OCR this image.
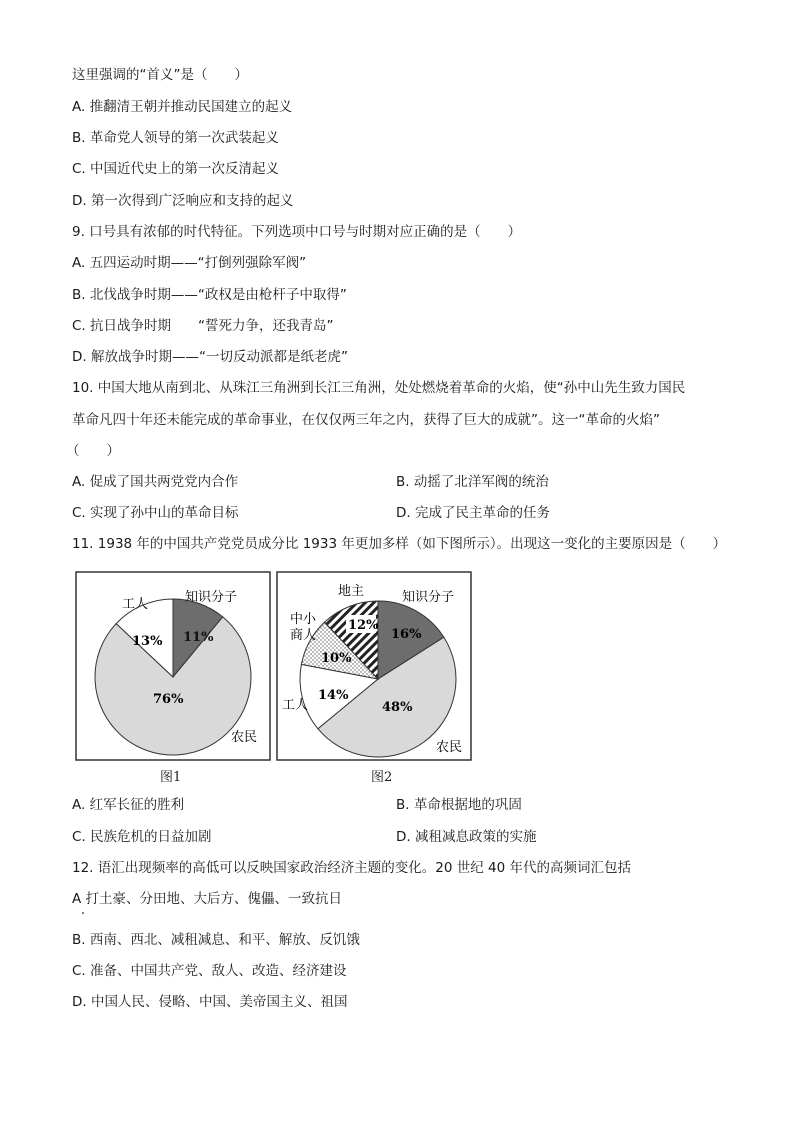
这里强调的“首义”是（　　）
A. 推翻清王朝并推动民国建立的起义
B. 革命党人领导的第一次武装起义
C. 中国近代史上的第一次反清起义
D. 第一次得到广泛响应和支持的起义
9. 口号具有浓郁的时代特征。下列选项中口号与时期对应正确的是（　　）
A. 五四运动时期——“打倒列强除军阀”
B. 北伐战争时期——“政权是由枪杆子中取得”
C. 抗日战争时期　　“誓死力争，还我青岛”
D. 解放战争时期——“一切反动派都是纸老虎”
10. 中国大地从南到北、从珠江三角洲到长江三角洲，处处燃烧着革命的火焰，使“孙中山先生致力国民
革命凡四十年还未能完成的革命事业，在仅仅两三年之内，获得了巨大的成就”。这一“革命的火焰”
（　　）
A. 促成了国共两党党内合作	B. 动摇了北洋军阀的统治
C. 实现了孙中山的革命目标	D. 完成了民主革命的任务
11. 1938 年的中国共产党党员成分比 1933 年更加多样（如下图所示）。出现这一变化的主要原因是（　　）
工人	知识分子
农民
11%
13%
76%
图1
地主	知识分子
中小
商人
工人
农民
12%
16%
10%
14%
48%
图2
A. 红军长征的胜利	B. 革命根据地的巩固
C. 民族危机的日益加剧	D. 减租减息政策的实施
12. 语汇出现频率的高低可以反映国家政治经济主题的变化。20 世纪 40 年代的高频词汇包括
A 打土豪、分田地、大后方、傀儡、一致抗日
B. 西南、西北、减租减息、和平、解放、反饥饿
C. 准备、中国共产党、敌人、改造、经济建设
D. 中国人民、侵略、中国、美帝国主义、祖国
